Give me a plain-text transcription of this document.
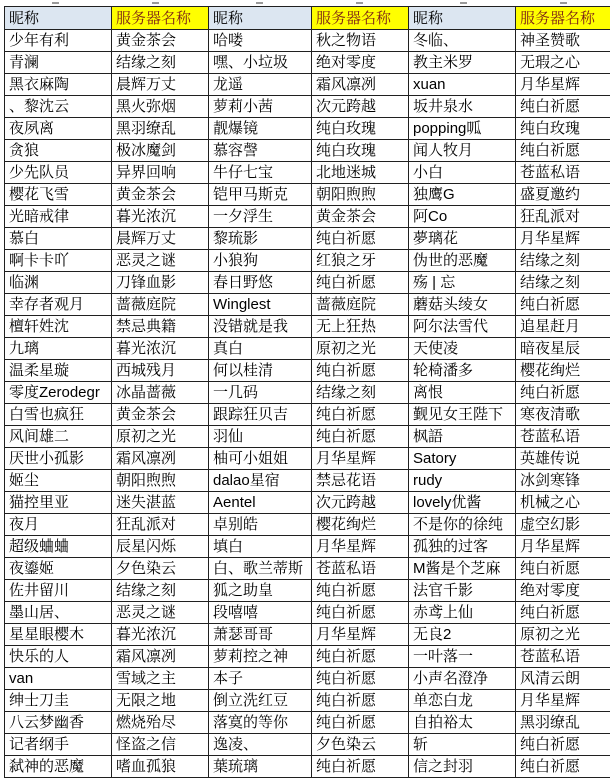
昵称	服务器名称	昵称	服务器名称	昵称	服务器名称
少年有利	黄金茶会	哈喽	秋之物语	冬临、	神圣赞歌
青澜	结缘之刻	嘿、小垃圾	绝对零度	教主米罗	无瑕之心
黑衣麻陶	晨辉万丈	龙遥	霜风凛冽	xuan	月华星辉
、黎沈云	黑火弥烟	萝莉小茜	次元跨越	坂井泉水	纯白祈愿
夜夙离	黑羽缭乱	靓爆镜	纯白玫瑰	popping呱	纯白玫瑰
贪狼	极冰魔剑	慕容謦	纯白玫瑰	闻人牧月	纯白祈愿
少先队员	异界回响	牛仔七宝	北地迷城	小白	苍蓝私语
樱花飞雪	黄金茶会	铠甲马斯克	朝阳煦煦	独鹰G	盛夏邀约
光暗戒律	暮光浓沉	一夕浮生	黄金茶会	阿Co	狂乱派对
慕白	晨辉万丈	黎琉影	纯白祈愿	夢璃花	月华星辉
啊卡卡吖	恶灵之谜	小狼狗	红狼之牙	伪世的恶魔	结缘之刻
临渊	刀锋血影	春日野悠	纯白祈愿	殇 | 忘	结缘之刻
幸存者观月	蔷薇庭院	Winglest	蔷薇庭院	蘑菇头绫女	纯白祈愿
檀轩姓沈	禁忌典籍	没错就是我	无上狂热	阿尔法雪代	追星赶月
九璃	暮光浓沉	真白	原初之光	天使凌	暗夜星辰
温柔星璇	西城残月	何以桂清	纯白祈愿	轮椅潘多	樱花绚烂
零度Zerodegr	冰晶蔷薇	一几码	结缘之刻	离恨	纯白祈愿
白雪也疯狂	黄金茶会	跟踪狂贝吉	纯白祈愿	觐见女王陛下	寒夜清歌
风间雄二	原初之光	羽仙	纯白祈愿	枫語	苍蓝私语
厌世小孤影	霜风凛冽	柚可小姐姐	月华星辉	Satory	英雄传说
姬尘	朝阳煦煦	dalao星宿	禁忌花语	rudy	冰剑寒锋
猫控里亚	迷失湛蓝	Aentel	次元跨越	lovely优酱	机械之心
夜月	狂乱派对	卓别皓	樱花绚烂	不是你的徐纯	虚空幻影
超级蛐蛐	辰星闪烁	填白	月华星辉	孤独的过客	月华星辉
夜鎏姬	夕色染云	白、歌兰蒂斯	苍蓝私语	M酱是个芝麻	纯白祈愿
佐井留川	结缘之刻	狐之助皇	纯白祈愿	法官千影	绝对零度
墨山居、	恶灵之谜	段嘻嘻	纯白祈愿	赤鸢上仙	纯白祈愿
星星眼樱木	暮光浓沉	萧瑟哥哥	月华星辉	无良2	原初之光
快乐的人	霜风凛冽	萝莉控之神	纯白祈愿	一叶落一	苍蓝私语
van	雪域之主	本子	纯白祈愿	小声名澄净	风清云朗
绅士刀圭	无限之地	倒立洗红豆	纯白祈愿	单恋白龙	月华星辉
八云梦幽香	燃烧殆尽	落寞的等你	纯白祈愿	自拍裕太	黑羽缭乱
记者纲手	怪盗之信	逸凌、	夕色染云	斩	纯白祈愿
弑神的恶魔	嗜血孤狼	葉琉璃	纯白祈愿	信之封羽	纯白祈愿
